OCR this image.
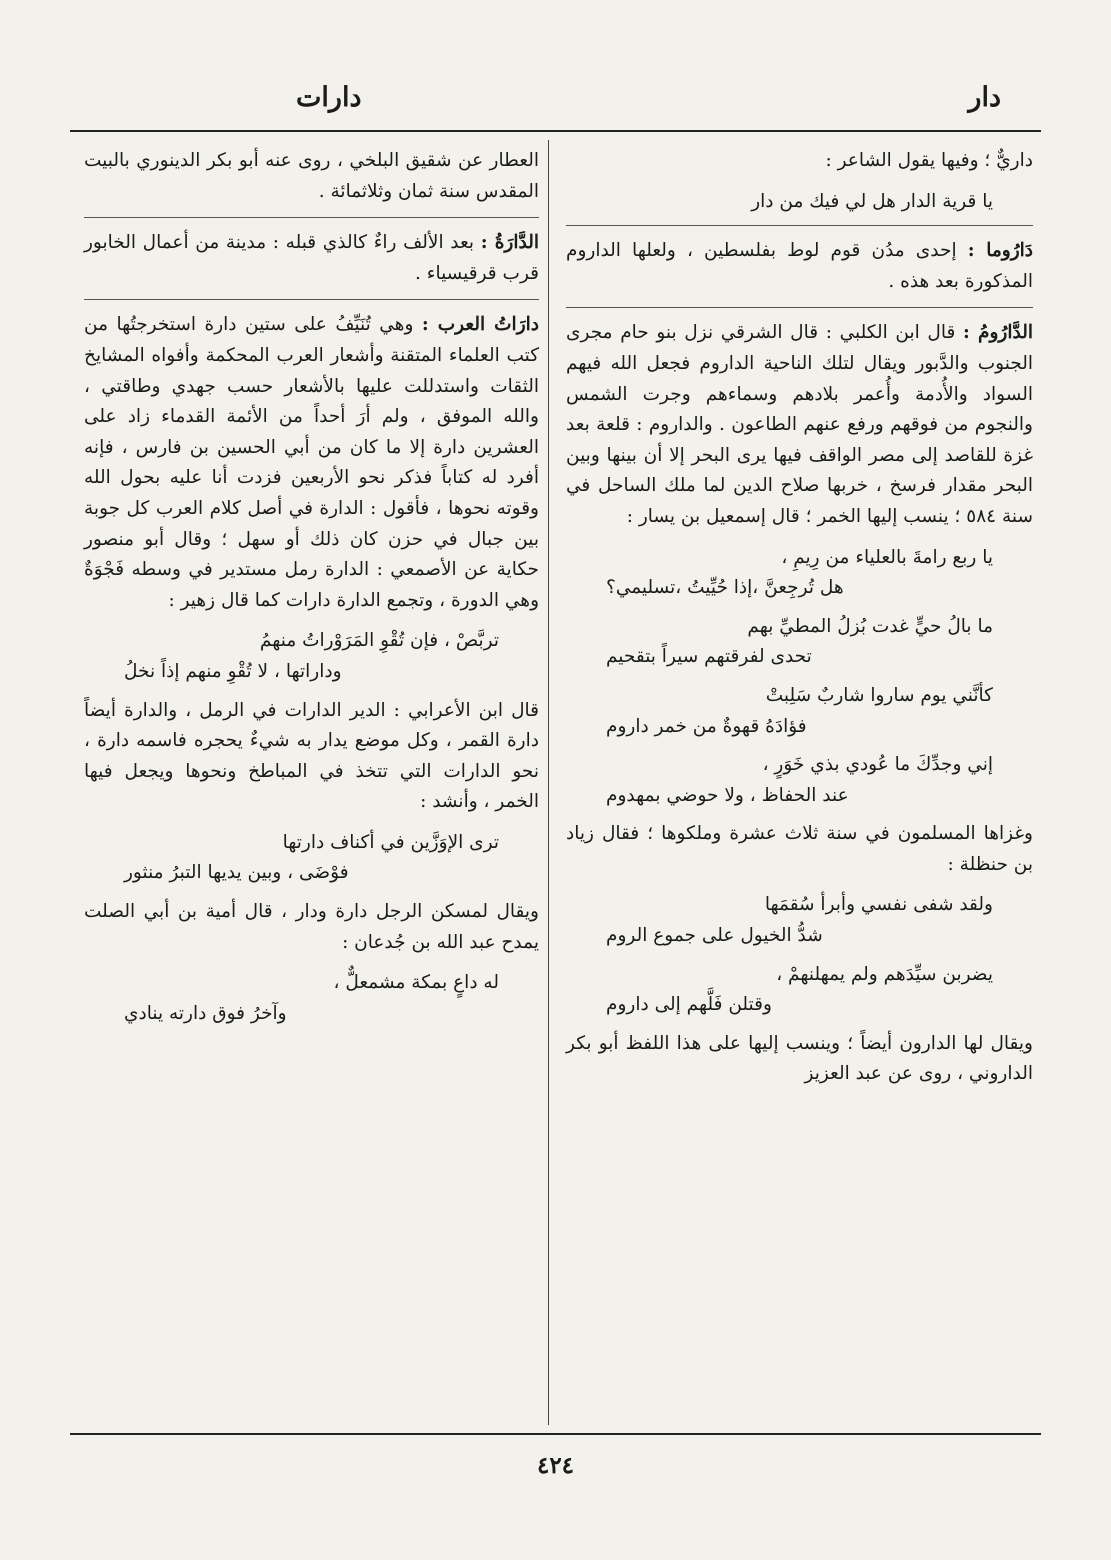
دار
دارات

داريٌّ ؛ وفيها يقول الشاعر :

يا قرية الدار هل لي فيك من دار

دَارُوما : إحدى مدُن قوم لوط بفلسطين ، ولعلها الداروم المذكورة بعد هذه .

الدَّارُومُ : قال ابن الكلبي : قال الشرقي نزل بنو حام مجرى الجنوب والدَّبور ويقال لتلك الناحية الداروم فجعل الله فيهم السواد والأُدمة وأُعمر بلادهم وسماءهم وجرت الشمس والنجوم من فوقهم ورفع عنهم الطاعون . والداروم : قلعة بعد غزة للقاصد إلى مصر الواقف فيها يرى البحر إلا أن بينها وبين البحر مقدار فرسخ ، خربها صلاح الدين لما ملك الساحل في سنة ٥٨٤ ؛ ينسب إليها الخمر ؛ قال إسمعيل بن يسار :

يا ربع رامةَ بالعلياء من رِيمِ ،

هل تُرجِعنَّ ،إذا حُيِّيتُ ،تسليمي؟

ما بالُ حيٍّ غدت بُزلُ المطيِّ بهم

تحدى لفرقتهم سيراً بتقحيم

كأنَّني يوم ساروا شاربٌ سَلِبتْ

فؤادَهُ قهوةٌ من خمر داروم

إني وجدِّكَ ما عُودي بذي خَوَرٍ ،

عند الحفاظ ، ولا حوضي بمهدوم

وغزاها المسلمون في سنة ثلاث عشرة وملكوها ؛ فقال زياد بن حنظلة :

ولقد شفى نفسي وأبرأ سُقمَها

شدُّ الخيول على جموع الروم

يضربن سيِّدَهم ولم يمهلنهمْ ،

وقتلن فَلَّهم إلى داروم

ويقال لها الدارون أيضاً ؛ وينسب إليها على هذا اللفظ أبو بكر الداروني ، روى عن عبد العزيز

العطار عن شقيق البلخي ، روى عنه أبو بكر الدينوري بالبيت المقدس سنة ثمان وثلاثمائة .

الدَّارَةُ : بعد الألف راءٌ كالذي قبله : مدينة من أعمال الخابور قرب قرقيسياء .

دارَاتُ العرب : وهي تُنَيِّفُ على ستين دارة استخرجتُها من كتب العلماء المتقنة وأشعار العرب المحكمة وأفواه المشايخ الثقات واستدللت عليها بالأشعار حسب جهدي وطاقتي ، والله الموفق ، ولم أرَ أحداً من الأئمة القدماء زاد على العشرين دارة إلا ما كان من أبي الحسين بن فارس ، فإنه أفرد له كتاباً فذكر نحو الأربعين فزدت أنا عليه بحول الله وقوته نحوها ، فأقول : الدارة في أصل كلام العرب كل جوبة بين جبال في حزن كان ذلك أو سهل ؛ وقال أبو منصور حكاية عن الأصمعي : الدارة رمل مستدير في وسطه فَجْوَةٌ وهي الدورة ، وتجمع الدارة دارات كما قال زهير :

تربَّصْ ، فإن تُقْوِ المَرَوْراتُ منهمُ

وداراتها ، لا تُقْوِ منهم إذاً نخلُ

قال ابن الأعرابي : الدير الدارات في الرمل ، والدارة أيضاً دارة القمر ، وكل موضع يدار به شيءٌ يحجره فاسمه دارة ، نحو الدارات التي تتخذ في المباطخ ونحوها ويجعل فيها الخمر ، وأنشد :

ترى الإوَزَّين في أكناف دارتها

فوْضَى ، وبين يديها التبرُ منثور

ويقال لمسكن الرجل دارة ودار ، قال أمية بن أبي الصلت يمدح عبد الله بن جُدعان :

له داعٍ بمكة مشمعلٌّ ،

وآخرُ فوق دارته ينادي

٤٢٤
